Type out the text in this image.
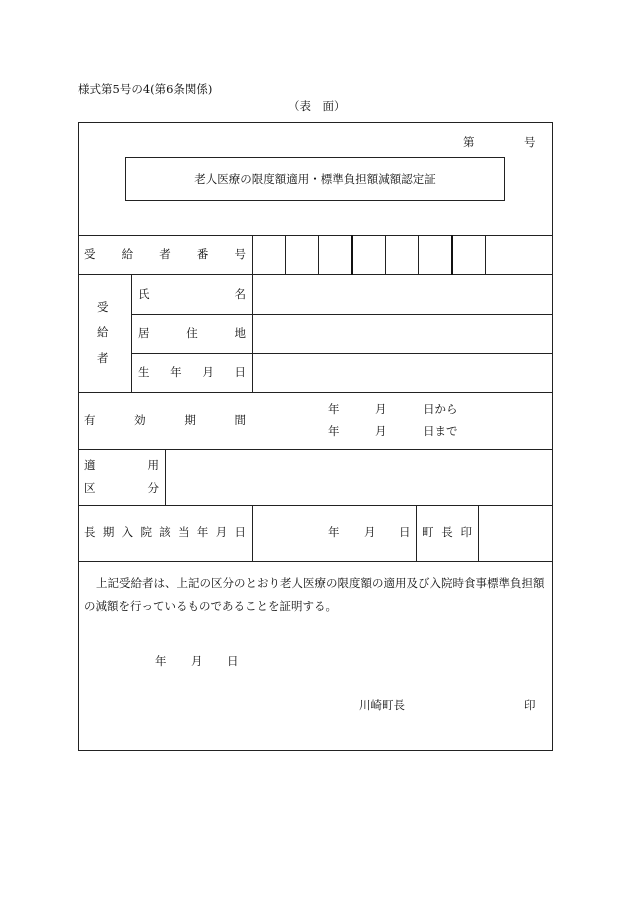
様式第5号の4(第6条関係)
（表　面）
第	号
老人医療の限度額適用・標準負担額減額認定証
受 給 者 番 号
受
給
者
氏	名
居	住	地
生 年 月 日
有	効	期	間
年	月	日から
年	月	日まで
適	用
区	分
長 期 入 院 該 当 年 月 日	年 月 日 町 長 印
上記受給者は、上記の区分のとおり老人医療の限度額の適用及び入院時食事標準負担額
の減額を行っているものであることを証明する。
年 月 日
川崎町長	印
